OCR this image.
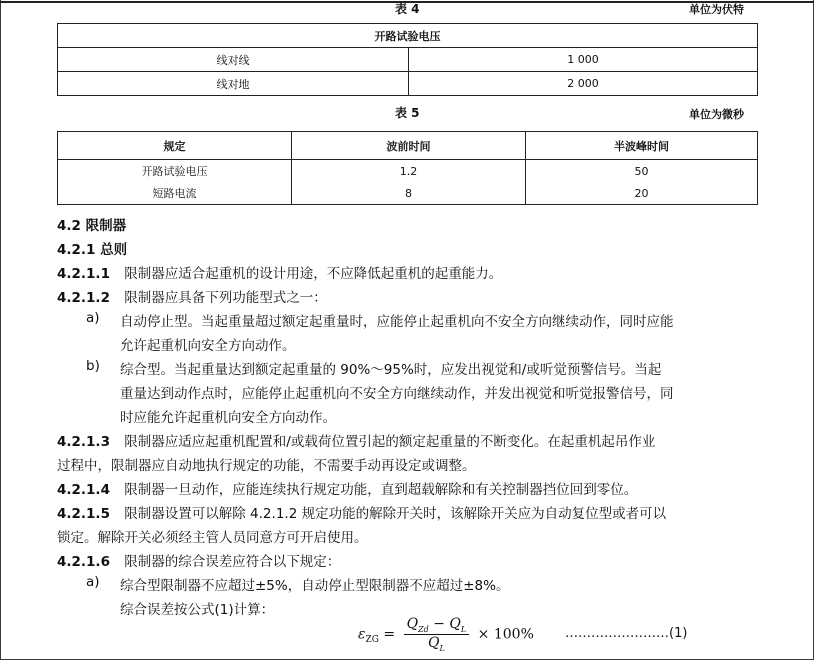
表 4	单位为伏特
开路试验电压	
线对线	1 000
线对地	2 000
表 5	单位为微秒
规定	波前时间	半波峰时间
开路试验电压	1.2	50
短路电流	8	20
4.2 限制器
4.2.1 总则
4.2.1.1 限制器应适合起重机的设计用途，不应降低起重机的起重能力。
4.2.1.2 限制器应具备下列功能型式之一：
a) 自动停止型。当起重量超过额定起重量时，应能停止起重机向不安全方向继续动作，同时应能
允许起重机向安全方向动作。
b) 综合型。当起重量达到额定起重量的 90%～95%时，应发出视觉和/或听觉预警信号。当起
重量达到动作点时，应能停止起重机向不安全方向继续动作，并发出视觉和听觉报警信号，同
时应能允许起重机向安全方向动作。
4.2.1.3 限制器应适应起重机配置和/或载荷位置引起的额定起重量的不断变化。在起重机起吊作业
过程中，限制器应自动地执行规定的功能，不需要手动再设定或调整。
4.2.1.4 限制器一旦动作，应能连续执行规定功能，直到超载解除和有关控制器挡位回到零位。
4.2.1.5 限制器设置可以解除 4.2.1.2 规定功能的解除开关时，该解除开关应为自动复位型或者可以
锁定。解除开关必须经主管人员同意方可开启使用。
4.2.1.6 限制器的综合误差应符合以下规定：
a) 综合型限制器不应超过±5%，自动停止型限制器不应超过±8%。
综合误差按公式(1)计算：
$\varepsilon_{ZG} = \frac{Q_{Zd} - Q_L}{Q_L} \times 100\%$ ……………………(1)
